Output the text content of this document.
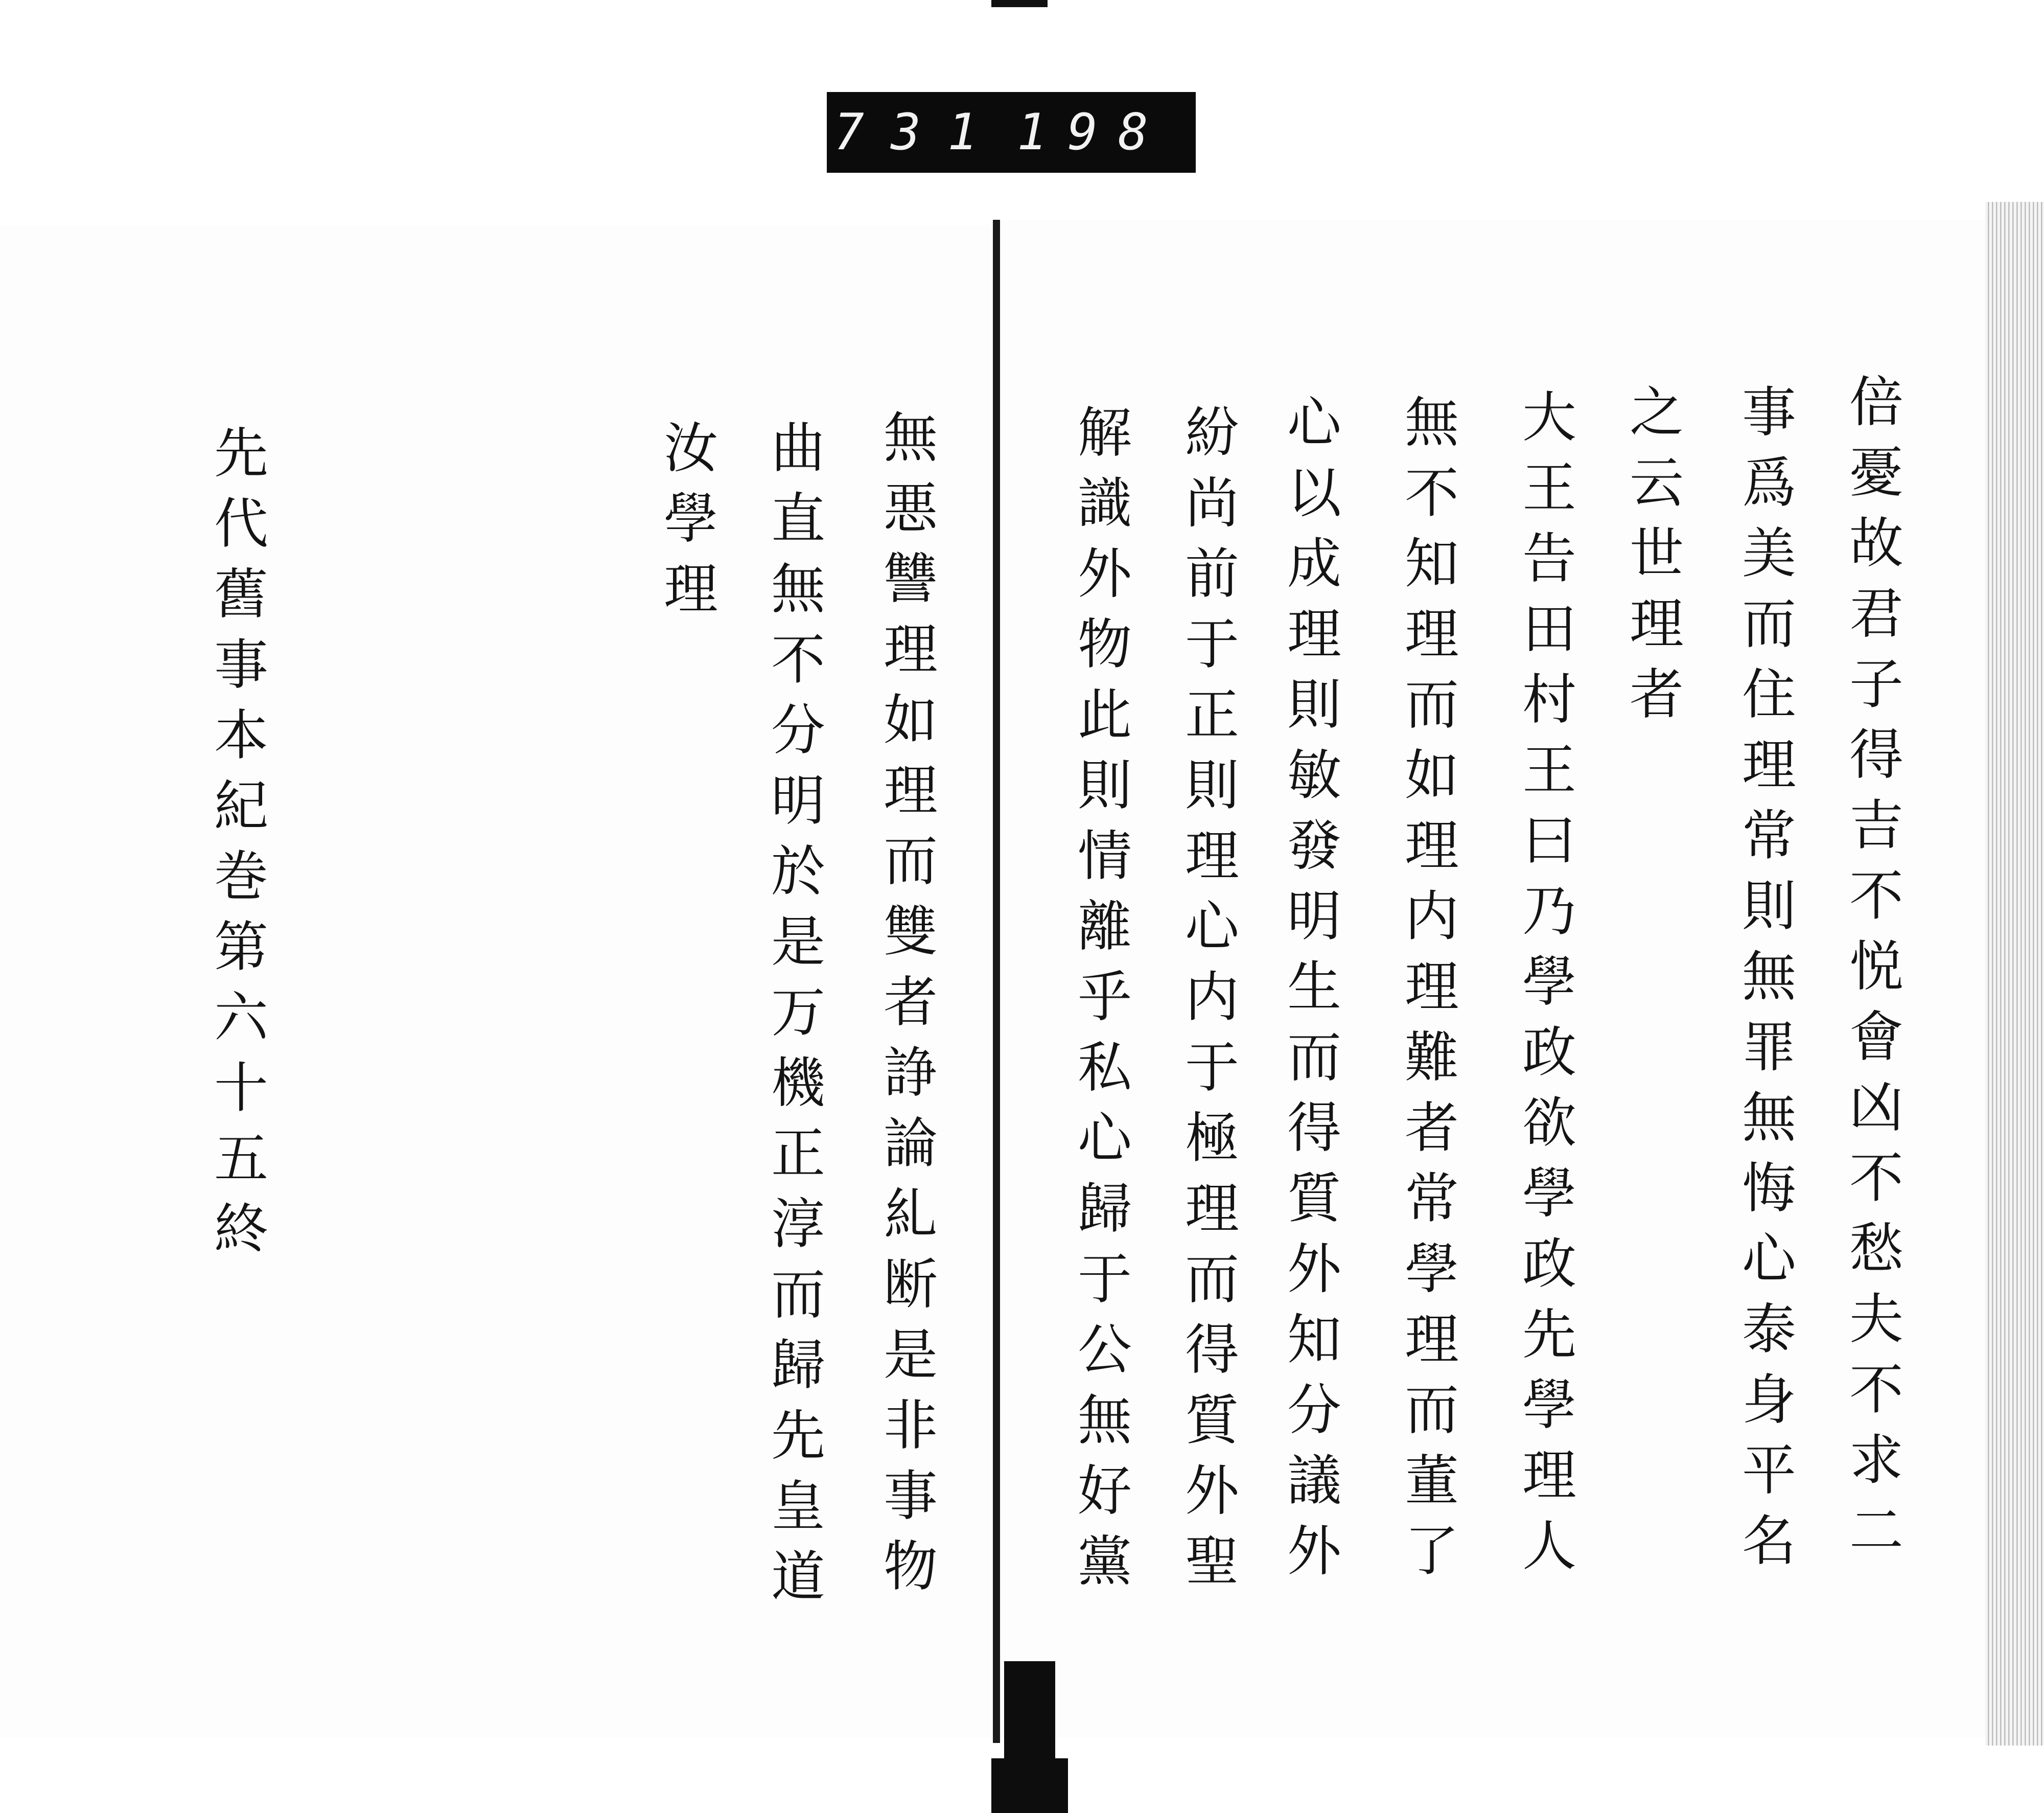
731 198
倍憂故君子得吉不悦會凶不愁夫不求二
事爲美而住理常則無罪無悔心泰身平名
之云世理者
大王告田村王曰乃學政欲學政先學理人
無不知理而如理内理難者常學理而董了
心以成理則敏發明生而得質外知分議外
紛尚前于正則理心内于極理而得質外聖
解識外物此則情離乎私心歸于公無好黨
無悪讐理如理而雙者諍論糺断是非事物
曲直無不分明於是万機正淳而歸先皇道
汝學理
先代舊事本紀巻第六十五終
